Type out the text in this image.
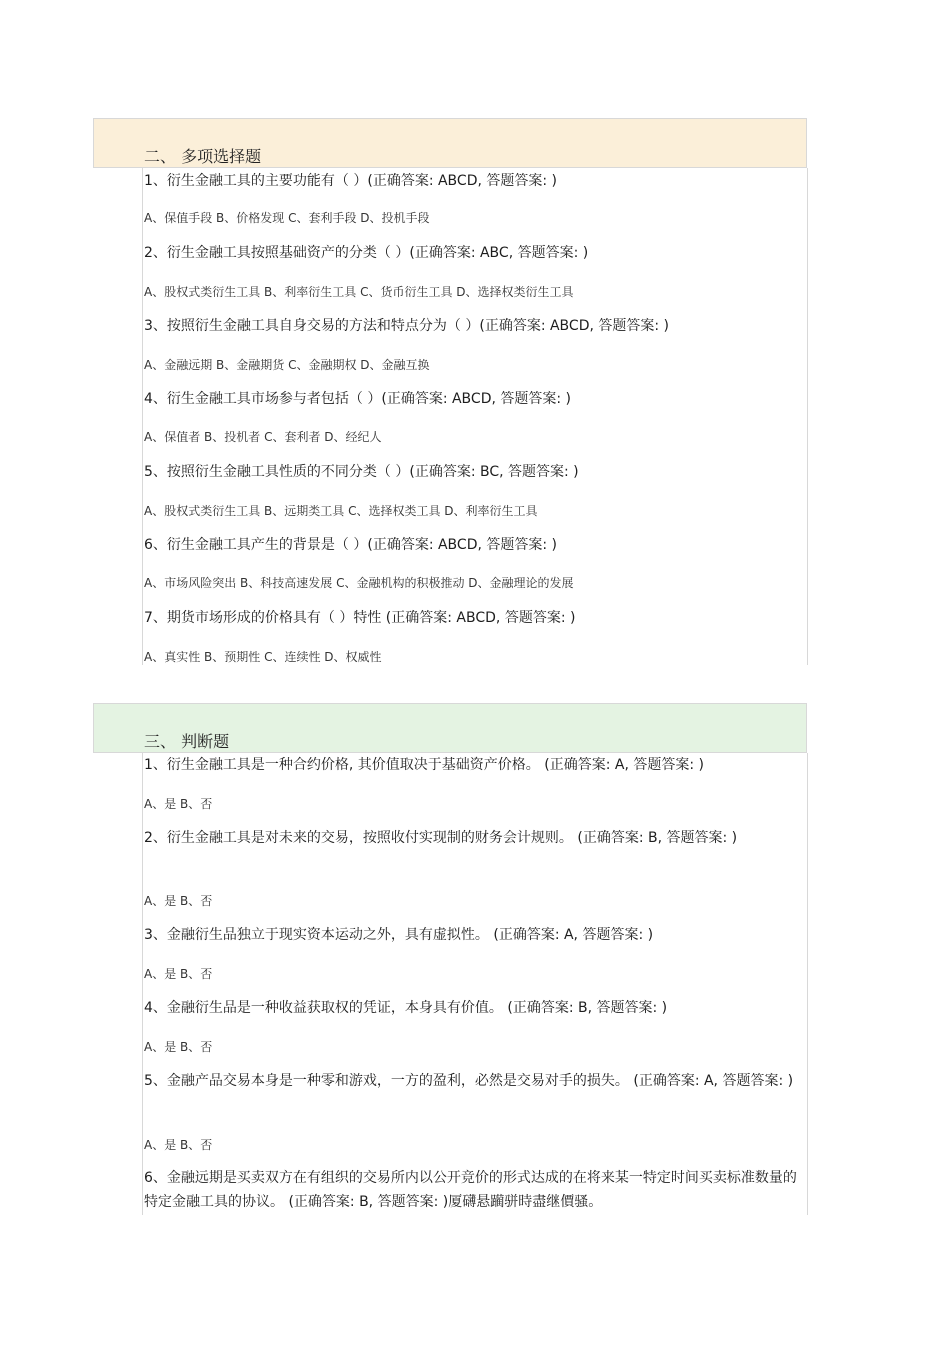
二、 多项选择题
1、衍生金融工具的主要功能有（ ）(正确答案: ABCD, 答题答案: )
A、保值手段 B、价格发现 C、套利手段 D、投机手段
2、衍生金融工具按照基础资产的分类（ ）(正确答案: ABC, 答题答案: )
A、股权式类衍生工具 B、利率衍生工具 C、货币衍生工具 D、选择权类衍生工具
3、按照衍生金融工具自身交易的方法和特点分为（ ）(正确答案: ABCD, 答题答案: )
A、金融远期 B、金融期货 C、金融期权 D、金融互换
4、衍生金融工具市场参与者包括（ ）(正确答案: ABCD, 答题答案: )
A、保值者 B、投机者 C、套利者 D、经纪人
5、按照衍生金融工具性质的不同分类（ ）(正确答案: BC, 答题答案: )
A、股权式类衍生工具 B、远期类工具 C、选择权类工具 D、利率衍生工具
6、衍生金融工具产生的背景是（ ）(正确答案: ABCD, 答题答案: )
A、市场风险突出 B、科技高速发展 C、金融机构的积极推动 D、金融理论的发展
7、期货市场形成的价格具有（ ）特性 (正确答案: ABCD, 答题答案: )
A、真实性 B、预期性 C、连续性 D、权威性
三、 判断题
1、衍生金融工具是一种合约价格, 其价值取决于基础资产价格。 (正确答案: A, 答题答案: )
A、是 B、否
2、衍生金融工具是对未来的交易，按照收付实现制的财务会计规则。 (正确答案: B, 答题答案: )
A、是 B、否
3、金融衍生品独立于现实资本运动之外，具有虚拟性。 (正确答案: A, 答题答案: )
A、是 B、否
4、金融衍生品是一种收益获取权的凭证，本身具有价值。 (正确答案: B, 答题答案: )
A、是 B、否
5、金融产品交易本身是一种零和游戏，一方的盈利，必然是交易对手的损失。 (正确答案: A, 答题答案: )
A、是 B、否
6、金融远期是买卖双方在有组织的交易所内以公开竞价的形式达成的在将来某一特定时间买卖标准数量的特定金融工具的协议。 (正确答案: B, 答题答案: )厦礴悬躏骈時盡继價骚。
